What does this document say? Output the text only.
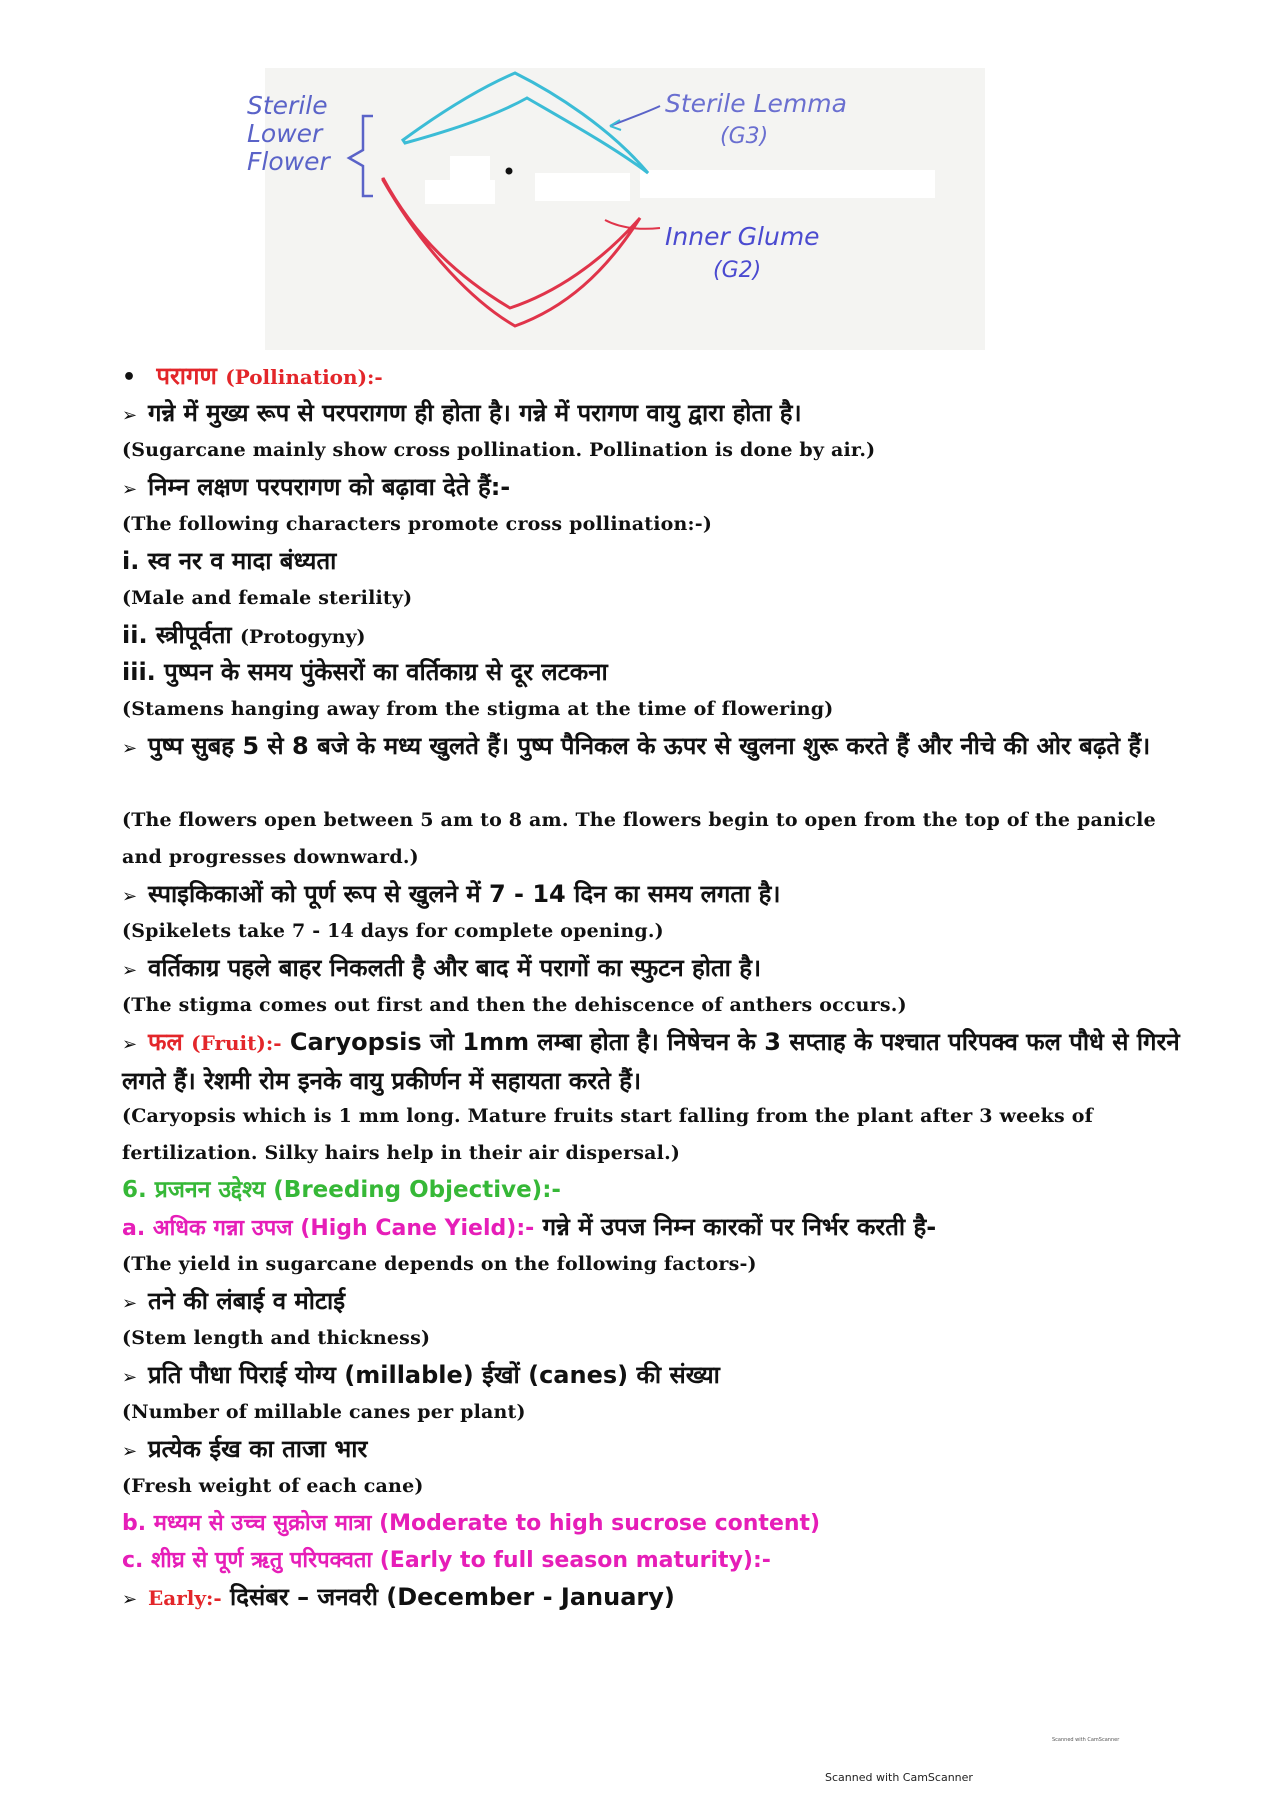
Sterile
Lower
Flower
Sterile Lemma
(G3)
Inner Glume
(G2)

• परागण (Pollination):-

➢ गन्ने में मुख्य रूप से परपरागण ही होता है। गन्ने में परागण वायु द्वारा होता है।

(Sugarcane mainly show cross pollination. Pollination is done by air.)

➢ निम्न लक्षण परपरागण को बढ़ावा देते हैं:-

(The following characters promote cross pollination:-)

i. स्व नर व मादा बंध्यता

(Male and female sterility)

ii. स्त्रीपूर्वता (Protogyny)

iii. पुष्पन के समय पुंकेसरों का वर्तिकाग्र से दूर लटकना

(Stamens hanging away from the stigma at the time of flowering)

➢ पुष्प सुबह 5 से 8 बजे के मध्य खुलते हैं। पुष्प पैनिकल के ऊपर से खुलना शुरू करते हैं और नीचे की ओर बढ़ते हैं।

(The flowers open between 5 am to 8 am. The flowers begin to open from the top of the panicle and progresses downward.)

➢ स्पाइकिकाओं को पूर्ण रूप से खुलने में 7 - 14 दिन का समय लगता है।

(Spikelets take 7 - 14 days for complete opening.)

➢ वर्तिकाग्र पहले बाहर निकलती है और बाद में परागों का स्फुटन होता है।

(The stigma comes out first and then the dehiscence of anthers occurs.)

➢ फल (Fruit):- Caryopsis जो 1mm लम्बा होता है। निषेचन के 3 सप्ताह के पश्चात परिपक्व फल पौधे से गिरने लगते हैं। रेशमी रोम इनके वायु प्रकीर्णन में सहायता करते हैं।

(Caryopsis which is 1 mm long. Mature fruits start falling from the plant after 3 weeks of fertilization. Silky hairs help in their air dispersal.)

6. प्रजनन उद्देश्य (Breeding Objective):-

a. अधिक गन्ना उपज (High Cane Yield):- गन्ने में उपज निम्न कारकों पर निर्भर करती है-

(The yield in sugarcane depends on the following factors-)

➢ तने की लंबाई व मोटाई

(Stem length and thickness)

➢ प्रति पौधा पिराई योग्य (millable) ईखों (canes) की संख्या

(Number of millable canes per plant)

➢ प्रत्येक ईख का ताजा भार

(Fresh weight of each cane)

b. मध्यम से उच्च सुक्रोज मात्रा (Moderate to high sucrose content)

c. शीघ्र से पूर्ण ऋतु परिपक्वता (Early to full season maturity):-

➢ Early:- दिसंबर – जनवरी (December - January)

Scanned with CamScanner
Scanned with CamScanner
